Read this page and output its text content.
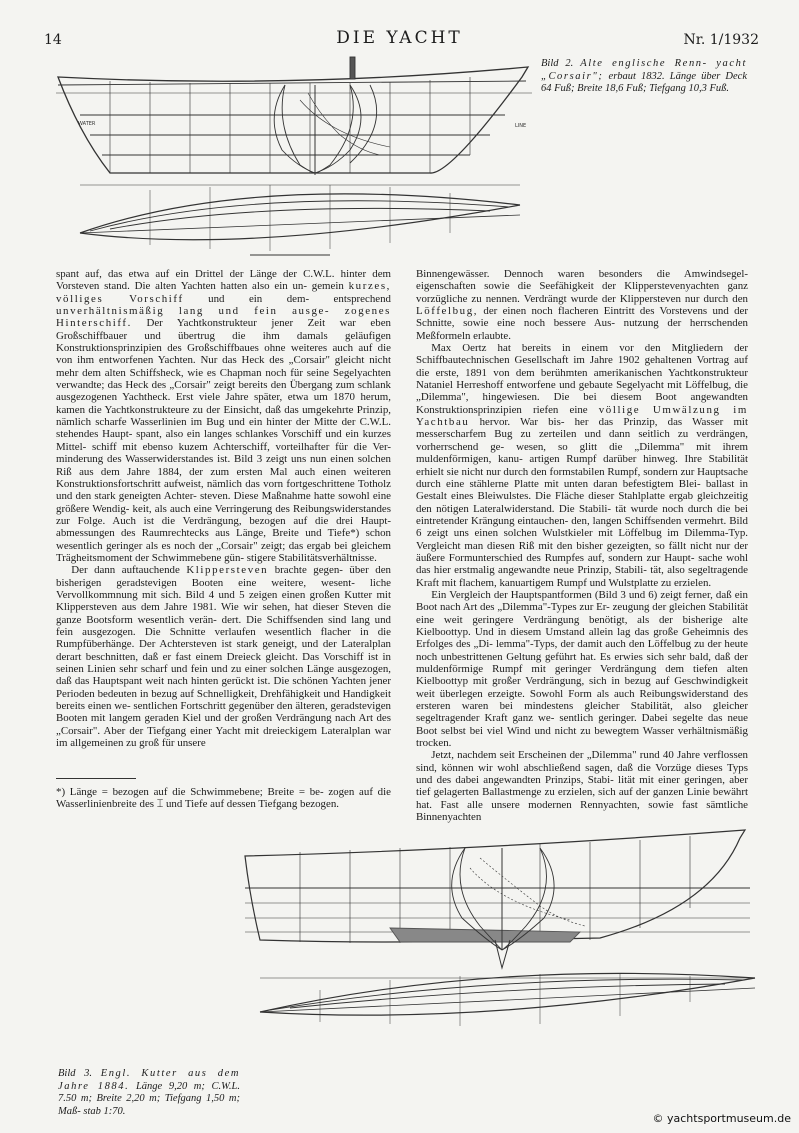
14	DIE YACHT	Nr. 1/1932
WATER	LINE
Bild 2. Alte englische Renn- yacht „Corsair"; erbaut 1832. Länge über Deck 64 Fuß; Breite 18,6 Fuß; Tiefgang 10,3 Fuß.

spant auf, das etwa auf ein Drittel der Länge der C.W.L. hinter dem Vorsteven stand. Die alten Yachten hatten also ein un- gemein kurzes, völliges Vorschiff und ein dem- entsprechend unverhältnismäßig lang und fein ausge- zogenes Hinterschiff. Der Yachtkonstrukteur jener Zeit war eben Großschiffbauer und übertrug die ihm damals geläufigen Konstruktionsprinzipien des Großschiffbaues ohne weiteres auch auf die von ihm entworfenen Yachten. Nur das Heck des „Corsair" gleicht nicht mehr dem alten Schiffsheck, wie es Chapman noch für seine Segelyachten verwandte; das Heck des „Corsair" zeigt bereits den Übergang zum schlank ausgezogenen Yachtheck. Erst viele Jahre später, etwa um 1870 herum, kamen die Yachtkonstrukteure zu der Einsicht, daß das umgekehrte Prinzip, nämlich scharfe Wasserlinien im Bug und ein hinter der Mitte der C.W.L. stehendes Haupt- spant, also ein langes schlankes Vorschiff und ein kurzes Mittel- schiff mit ebenso kuzem Achterschiff, vorteilhafter für die Ver- minderung des Wasserwiderstandes ist. Bild 3 zeigt uns nun einen solchen Riß aus dem Jahre 1884, der zum ersten Mal auch einen weiteren Konstruktionsfortschritt aufweist, nämlich das vorn fortgeschrittene Totholz und den stark geneigten Achter- steven. Diese Maßnahme hatte sowohl eine größere Wendig- keit, als auch eine Verringerung des Reibungswiderstandes zur Folge. Auch ist die Verdrängung, bezogen auf die drei Haupt- abmessungen des Raumrechtecks aus Länge, Breite und Tiefe*) schon wesentlich geringer als es noch der „Corsair" zeigt; das ergab bei gleichem Trägheitsmoment der Schwimmebene gün- stigere Stabilitätsverhältnisse.

Der dann auftauchende Klippersteven brachte gegen- über den bisherigen geradstevigen Booten eine weitere, wesent- liche Vervollkommnung mit sich. Bild 4 und 5 zeigen einen großen Kutter mit Klippersteven aus dem Jahre 1981. Wie wir sehen, hat dieser Steven die ganze Bootsform wesentlich verän- dert. Die Schiffsenden sind lang und fein ausgezogen. Die Schnitte verlaufen wesentlich flacher in die Rumpfüberhänge. Der Achtersteven ist stark geneigt, und der Lateralplan derart beschnitten, daß er fast einem Dreieck gleicht. Das Vorschiff ist in seinen Linien sehr scharf und fein und zu einer solchen Länge ausgezogen, daß das Hauptspant weit nach hinten gerückt ist. Die schönen Yachten jener Perioden bedeuten in bezug auf Schnelligkeit, Drehfähigkeit und Handigkeit bereits einen we- sentlichen Fortschritt gegenüber den älteren, geradstevigen Booten mit langem geraden Kiel und der großen Verdrängung nach Art des „Corsair". Aber der Tiefgang einer Yacht mit dreieckigem Lateralplan war im allgemeinen zu groß für unsere

*) Länge = bezogen auf die Schwimmebene; Breite = be- zogen auf die Wasserlinienbreite des ⌶ und Tiefe auf dessen Tiefgang bezogen.

Binnengewässer. Dennoch waren besonders die Amwindsegel- eigenschaften sowie die Seefähigkeit der Klipperstevenyachten ganz vorzügliche zu nennen. Verdrängt wurde der Klippersteven nur durch den Löffelbug, der einen noch flacheren Eintritt des Vorstevens und der Schnitte, sowie eine noch bessere Aus- nutzung der herrschenden Meßformeln erlaubte.

Max Oertz hat bereits in einem vor den Mitgliedern der Schiffbautechnischen Gesellschaft im Jahre 1902 gehaltenen Vortrag auf die erste, 1891 von dem berühmten amerikanischen Yachtkonstrukteur Nataniel Herreshoff entworfene und gebaute Segelyacht mit Löffelbug, die „Dilemma", hingewiesen. Die bei diesem Boot angewandten Konstruktionsprinzipien riefen eine völlige Umwälzung im Yachtbau hervor. War bis- her das Prinzip, das Wasser mit messerscharfem Bug zu zerteilen und dann seitlich zu verdrängen, vorherrschend ge- wesen, so glitt die „Dilemma" mit ihrem muldenförmigen, kanu- artigen Rumpf darüber hinweg. Ihre Stabilität erhielt sie nicht nur durch den formstabilen Rumpf, sondern zur Hauptsache durch eine stählerne Platte mit unten daran befestigtem Blei- ballast in Gestalt eines Bleiwulstes. Die Fläche dieser Stahlplatte ergab gleichzeitig den nötigen Lateralwiderstand. Die Stabili- tät wurde noch durch die bei eintretender Krängung eintauchen- den, langen Schiffsenden vermehrt. Bild 6 zeigt uns einen solchen Wulstkieler mit Löffelbug im Dilemma-Typ. Vergleicht man diesen Riß mit den bisher gezeigten, so fällt nicht nur der äußere Formunterschied des Rumpfes auf, sondern zur Haupt- sache wohl das hier erstmalig angewandte neue Prinzip, Stabili- tät, also segeltragende Kraft mit flachem, kanuartigem Rumpf und Wulstplatte zu erzielen.

Ein Vergleich der Hauptspantformen (Bild 3 und 6) zeigt ferner, daß ein Boot nach Art des „Dilemma"-Types zur Er- zeugung der gleichen Stabilität eine weit geringere Verdrängung benötigt, als der bisherige alte Kielboottyp. Und in diesem Umstand allein lag das große Geheimnis des Erfolges des „Di- lemma"-Typs, der damit auch den Löffelbug zu der heute noch unbestrittenen Geltung geführt hat. Es erwies sich sehr bald, daß der muldenförmige Rumpf mit geringer Verdrängung dem tiefen alten Kielboottyp mit großer Verdrängung, sich in bezug auf Geschwindigkeit weit überlegen erzeigte. Sowohl Form als auch Reibungswiderstand des ersteren waren bei mindestens gleicher Stabilität, also gleicher segeltragender Kraft ganz we- sentlich geringer. Dabei segelte das neue Boot selbst bei viel Wind und nicht zu bewegtem Wasser verhältnismäßig trocken.

Jetzt, nachdem seit Erscheinen der „Dilemma" rund 40 Jahre verflossen sind, können wir wohl abschließend sagen, daß die Vorzüge dieses Typs und des dabei angewandten Prinzips, Stabi- lität mit einer geringen, aber tief gelagerten Ballastmenge zu erzielen, sich auf der ganzen Linie bewährt hat. Fast alle unsere modernen Rennyachten, sowie fast sämtliche Binnenyachten

Bild 3. Engl. Kutter aus dem Jahre 1884. Länge 9,20 m; C.W.L. 7.50 m; Breite 2,20 m; Tiefgang 1,50 m; Maß- stab 1:70.
© yachtsportmuseum.de
